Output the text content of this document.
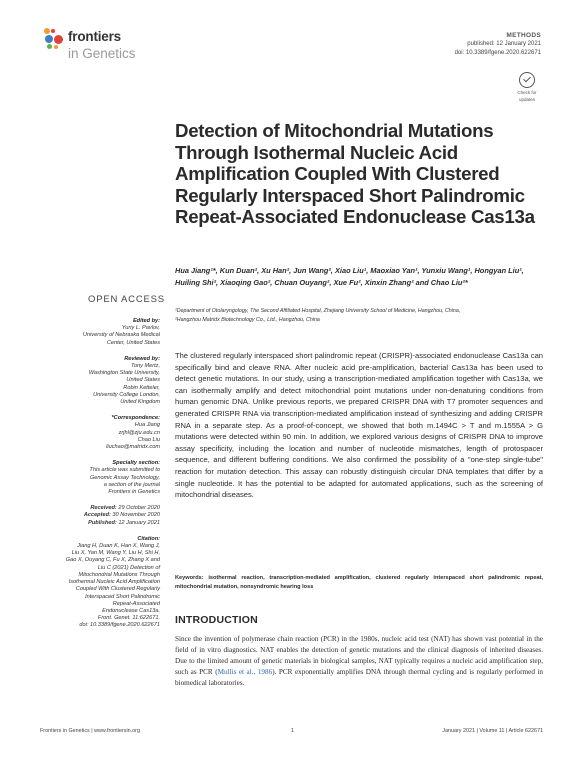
frontiers
in Genetics
METHODS
published: 12 January 2021
doi: 10.3389/fgene.2020.622671
Check for
updates
Detection of Mitochondrial Mutations Through Isothermal Nucleic Acid Amplification Coupled With Clustered Regularly Interspaced Short Palindromic Repeat-Associated Endonuclease Cas13a
Hua Jiang¹*, Kun Duan², Xu Han², Jun Wang², Xiao Liu¹, Maoxiao Yan¹, Yunxiu Wang¹, Hongyan Liu¹, Huiling Shi², Xiaoqing Gao², Chuan Ouyang², Xue Fu², Xinxin Zhang² and Chao Liu²*
¹Department of Otolaryngology, The Second Affiliated Hospital, Zhejiang University School of Medicine, Hangzhou, China,
²Hangzhou Matridx Biotechnology Co., Ltd., Hangzhou, China
OPEN ACCESS
Edited by:
Yuriy L. Pavlov,
University of Nebraska Medical
Center, United States
Reviewed by:
Tony Mertz,
Washington State University,
United States
Robin Ketteler,
University College London,
United Kingdom
*Correspondence:
Hua Jiang
zrjhl@zju.edu.cn
Chao Liu
liuchao@matridx.com
Specialty section:
This article was submitted to
Genomic Assay Technology,
a section of the journal
Frontiers in Genetics
Received: 29 October 2020
Accepted: 30 November 2020
Published: 12 January 2021
Citation:
Jiang H, Duan K, Han X, Wang J,
Liu X, Yan M, Wang Y, Liu H, Shi H,
Gao X, Ouyang C, Fu X, Zhang X and
Liu C (2021) Detection of
Mitochondrial Mutations Through
Isothermal Nucleic Acid Amplification
Coupled With Clustered Regularly
Interspaced Short Palindromic
Repeat-Associated
Endonuclease Cas13a.
Front. Genet. 11:622671.
doi: 10.3389/fgene.2020.622671
The clustered regularly interspaced short palindromic repeat (CRISPR)-associated endonuclease Cas13a can specifically bind and cleave RNA. After nucleic acid pre-amplification, bacterial Cas13a has been used to detect genetic mutations. In our study, using a transcription-mediated amplification together with Cas13a, we can isothermally amplify and detect mitochondrial point mutations under non-denaturing conditions from human genomic DNA. Unlike previous reports, we prepared CRISPR DNA with T7 promoter sequences and generated CRISPR RNA via transcription-mediated amplification instead of synthesizing and adding CRISPR RNA in a separate step. As a proof-of-concept, we showed that both m.1494C > T and m.1555A > G mutations were detected within 90 min. In addition, we explored various designs of CRISPR DNA to improve assay specificity, including the location and number of nucleotide mismatches, length of protospacer sequence, and different buffering conditions. We also confirmed the possibility of a "one-step single-tube" reaction for mutation detection. This assay can robustly distinguish circular DNA templates that differ by a single nucleotide. It has the potential to be adapted for automated applications, such as the screening of mitochondrial diseases.
Keywords: isothermal reaction, transcription-mediated amplification, clustered regularly interspaced short palindromic repeat, mitochondrial mutation, nonsyndromic hearing loss
INTRODUCTION
Since the invention of polymerase chain reaction (PCR) in the 1980s, nucleic acid test (NAT) has shown vast potential in the field of in vitro diagnostics. NAT enables the detection of genetic mutations and the clinical diagnosis of inherited diseases. Due to the limited amount of genetic materials in biological samples, NAT typically requires a nucleic acid amplification step, such as PCR (Mullis et al., 1986). PCR exponentially amplifies DNA through thermal cycling and is regularly performed in biomedical laboratories.
Frontiers in Genetics | www.frontiersin.org	1	January 2021 | Volume 11 | Article 622671
